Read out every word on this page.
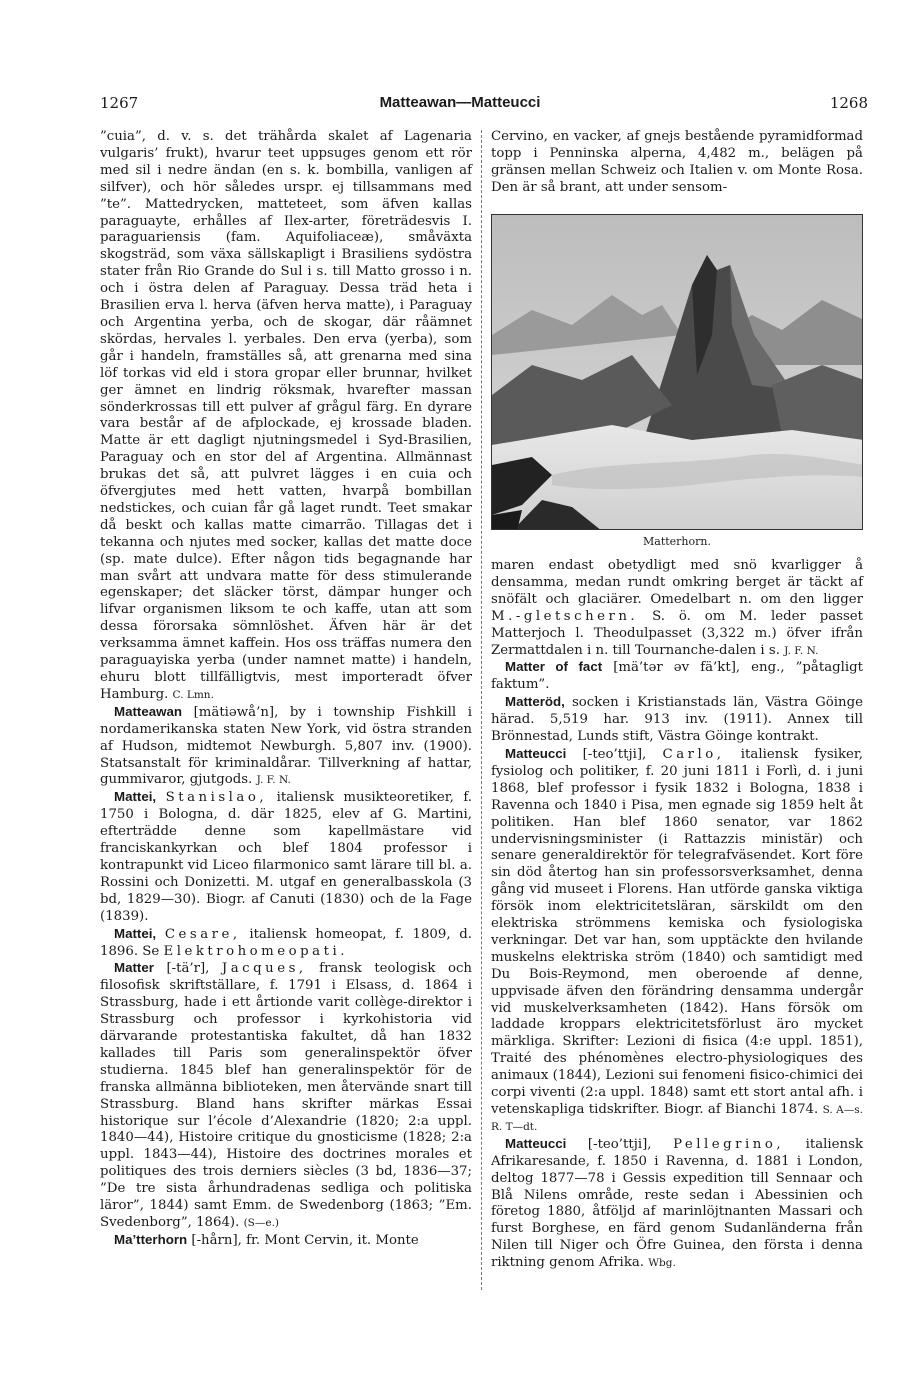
Matteawan—Matteucci
1267	1268

”cuia”, d. v. s. det trähårda skalet af Lagenaria vulgaris’ frukt), hvarur teet uppsuges genom ett rör med sil i nedre ändan (en s. k. bombilla, vanligen af silfver), och hör således urspr. ej tillsammans med ”te”. Mattedrycken, matteteet, som äfven kallas paraguayte, erhålles af Ilex-arter, företrädesvis I. paraguariensis (fam. Aquifoliaceæ), småväxta skogsträd, som växa sällskapligt i Brasiliens sydöstra stater från Rio Grande do Sul i s. till Matto grosso i n. och i östra delen af Paraguay. Dessa träd heta i Brasilien erva l. herva (äfven herva matte), i Paraguay och Argentina yerba, och de skogar, där råämnet skördas, hervales l. yerbales. Den erva (yerba), som går i handeln, framställes så, att grenarna med sina löf torkas vid eld i stora gropar eller brunnar, hvilket ger ämnet en lindrig röksmak, hvarefter massan sönderkrossas till ett pulver af grågul färg. En dyrare vara består af de afplockade, ej krossade bladen. Matte är ett dagligt njutningsmedel i Syd-Brasilien, Paraguay och en stor del af Argentina. Allmännast brukas det så, att pulvret lägges i en cuia och öfvergjutes med hett vatten, hvarpå bombillan nedstickes, och cuian får gå laget rundt. Teet smakar då beskt och kallas matte cimarrão. Tillagas det i tekanna och njutes med socker, kallas det matte doce (sp. mate dulce). Efter någon tids begagnande har man svårt att undvara matte för dess stimulerande egenskaper; det släcker törst, dämpar hunger och lifvar organismen liksom te och kaffe, utan att som dessa förorsaka sömnlöshet. Äfven här är det verksamma ämnet kaffein. Hos oss träffas numera den paraguayiska yerba (under namnet matte) i handeln, ehuru blott tillfälligtvis, mest importeradt öfver Hamburg. C. Lmn.

Matteawan [mätiəwå’n], by i township Fishkill i nordamerikanska staten New York, vid östra stranden af Hudson, midtemot Newburgh. 5,807 inv. (1900). Statsanstalt för kriminaldårar. Tillverkning af hattar, gummivaror, gjutgods. J. F. N.

Mattei, Stanislao, italiensk musikteoretiker, f. 1750 i Bologna, d. där 1825, elev af G. Martini, efterträdde denne som kapellmästare vid franciskankyrkan och blef 1804 professor i kontrapunkt vid Liceo filarmonico samt lärare till bl. a. Rossini och Donizetti. M. utgaf en generalbasskola (3 bd, 1829—30). Biogr. af Canuti (1830) och de la Fage (1839).

Mattei, Cesare, italiensk homeopat, f. 1809, d. 1896. Se Elektrohomeopati.

Matter [-tä’r], Jacques, fransk teologisk och filosofisk skriftställare, f. 1791 i Elsass, d. 1864 i Strassburg, hade i ett årtionde varit collège-direktor i Strassburg och professor i kyrkohistoria vid därvarande protestantiska fakultet, då han 1832 kallades till Paris som generalinspektör öfver studierna. 1845 blef han generalinspektör för de franska allmänna biblioteken, men återvände snart till Strassburg. Bland hans skrifter märkas Essai historique sur l’école d’Alexandrie (1820; 2:a uppl. 1840—44), Histoire critique du gnosticisme (1828; 2:a uppl. 1843—44), Histoire des doctrines morales et politiques des trois derniers siècles (3 bd, 1836—37; ”De tre sista århundradenas sedliga och politiska läror”, 1844) samt Emm. de Swedenborg (1863; ”Em. Svedenborg”, 1864). (S—e.)

Ma’tterhorn [-hårn], fr. Mont Cervin, it. Monte

Cervino, en vacker, af gnejs bestående pyramidformad topp i Penninska alperna, 4,482 m., belägen på gränsen mellan Schweiz och Italien v. om Monte Rosa. Den är så brant, att under sensom-

Matterhorn.

maren endast obetydligt med snö kvarligger å densamma, medan rundt omkring berget är täckt af snöfält och glaciärer. Omedelbart n. om den ligger M.-gletschern. S. ö. om M. leder passet Matterjoch l. Theodulpasset (3,322 m.) öfver ifrån Zermattdalen i n. till Tournanche-dalen i s. J. F. N.

Matter of fact [mä’tər əv fä’kt], eng., ”påtagligt faktum”.

Matteröd, socken i Kristianstads län, Västra Göinge härad. 5,519 har. 913 inv. (1911). Annex till Brönnestad, Lunds stift, Västra Göinge kontrakt.

Matteucci [-teo’ttji], Carlo, italiensk fysiker, fysiolog och politiker, f. 20 juni 1811 i Forlì, d. i juni 1868, blef professor i fysik 1832 i Bologna, 1838 i Ravenna och 1840 i Pisa, men egnade sig 1859 helt åt politiken. Han blef 1860 senator, var 1862 undervisningsminister (i Rattazzis ministär) och senare generaldirektör för telegrafväsendet. Kort före sin död återtog han sin professorsverksamhet, denna gång vid museet i Florens. Han utförde ganska viktiga försök inom elektricitetsläran, särskildt om den elektriska strömmens kemiska och fysiologiska verkningar. Det var han, som upptäckte den hvilande muskelns elektriska ström (1840) och samtidigt med Du Bois-Reymond, men oberoende af denne, uppvisade äfven den förändring densamma undergår vid muskelverksamheten (1842). Hans försök om laddade kroppars elektricitetsförlust äro mycket märkliga. Skrifter: Lezioni di fisica (4:e uppl. 1851), Traité des phénomènes electro-physiologiques des animaux (1844), Lezioni sui fenomeni fisico-chimici dei corpi viventi (2:a uppl. 1848) samt ett stort antal afh. i vetenskapliga tidskrifter. Biogr. af Bianchi 1874. S. A—s. R. T—dt.

Matteucci [-teo’ttji], Pellegrino, italiensk Afrikaresande, f. 1850 i Ravenna, d. 1881 i London, deltog 1877—78 i Gessis expedition till Sennaar och Blå Nilens område, reste sedan i Abessinien och företog 1880, åtföljd af marinlöjtnanten Massari och furst Borghese, en färd genom Sudanländerna från Nilen till Niger och Öfre Guinea, den första i denna riktning genom Afrika. Wbg.
